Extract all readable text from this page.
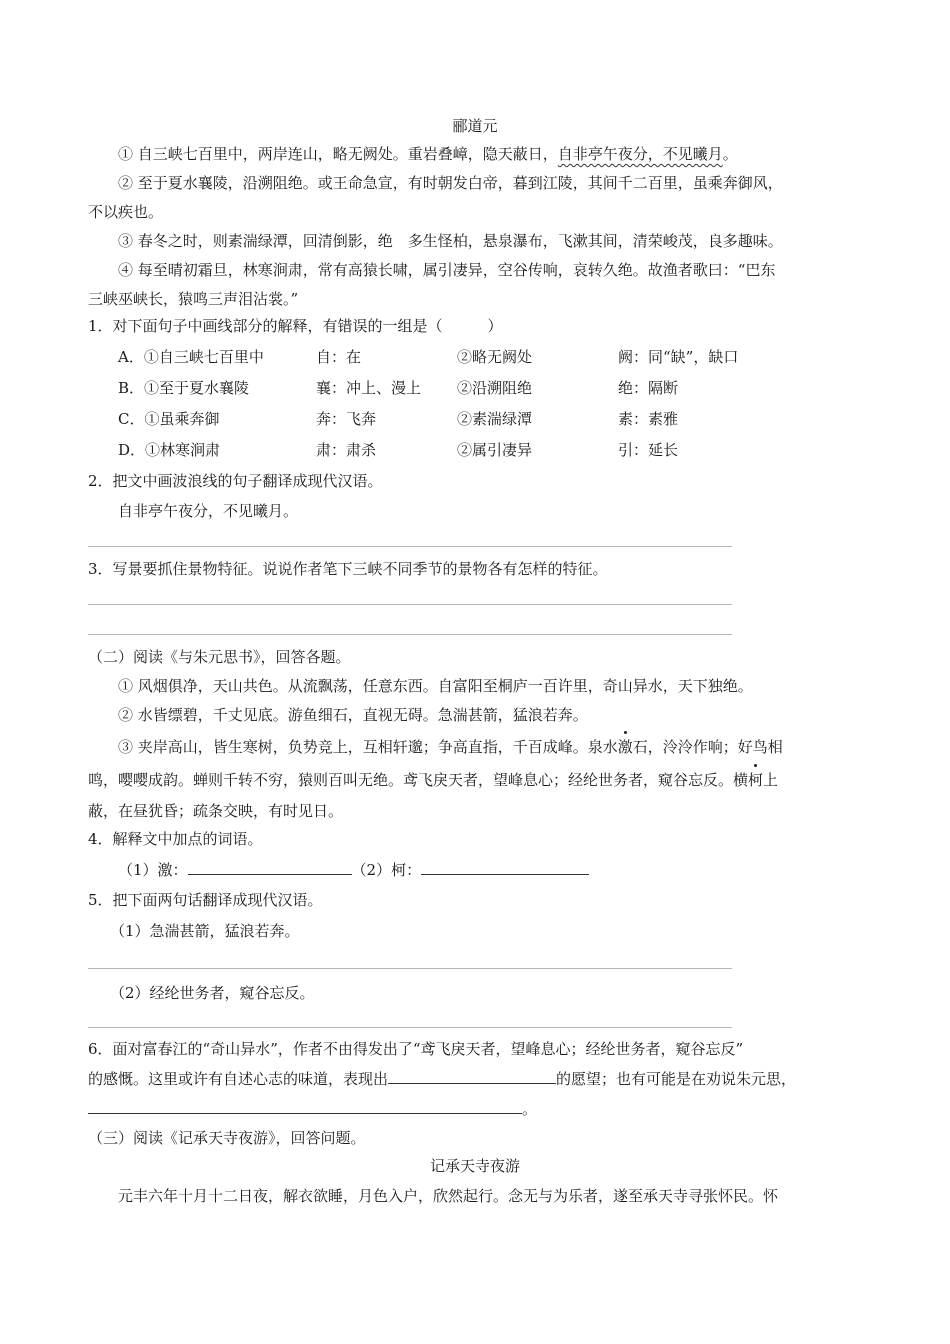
郦道元
① 自三峡七百里中，两岸连山，略无阙处。重岩叠嶂，隐天蔽日，自非亭午夜分，不见曦月。
② 至于夏水襄陵，沿溯阻绝。或王命急宣，有时朝发白帝，暮到江陵，其间千二百里，虽乘奔御风，
不以疾也。
③ 春冬之时，则素湍绿潭，回清倒影，绝　多生怪柏，悬泉瀑布，飞漱其间，清荣峻茂，良多趣味。
④ 每至晴初霜旦，林寒涧肃，常有高猿长啸，属引凄异，空谷传响，哀转久绝。故渔者歌曰：“巴东
三峡巫峡长，猿鸣三声泪沾裳。”
1．对下面句子中画线部分的解释，有错误的一组是（　　　）
A．①自三峡七百里中	自：在	②略无阙处	阙：同“缺”，缺口
B．①至于夏水襄陵	襄：冲上、漫上 ②沿溯阻绝	绝：隔断
C．①虽乘奔御	奔：飞奔	②素湍绿潭	素：素雅
D．①林寒涧肃	肃：肃杀	②属引凄异	引：延长
2．把文中画波浪线的句子翻译成现代汉语。
自非亭午夜分，不见曦月。
3．写景要抓住景物特征。说说作者笔下三峡不同季节的景物各有怎样的特征。
（二）阅读《与朱元思书》，回答各题。
① 风烟俱净，天山共色。从流飘荡，任意东西。自富阳至桐庐一百许里，奇山异水，天下独绝。
② 水皆缥碧，千丈见底。游鱼细石，直视无碍。急湍甚箭，猛浪若奔。
③ 夹岸高山，皆生寒树，负势竞上，互相轩邈；争高直指，千百成峰。泉水激石，泠泠作响；好鸟相
鸣，嘤嘤成韵。蝉则千转不穷，猿则百叫无绝。鸢飞戾天者，望峰息心；经纶世务者，窥谷忘反。横柯上
蔽，在昼犹昏；疏条交映，有时见日。
4．解释文中加点的词语。
（1）激：	（2）柯：
5．把下面两句话翻译成现代汉语。
（1）急湍甚箭，猛浪若奔。
（2）经纶世务者，窥谷忘反。
6．面对富春江的“奇山异水”，作者不由得发出了“鸢飞戾天者，望峰息心；经纶世务者，窥谷忘反”
的感慨。这里或许有自述心志的味道，表现出	的愿望；也有可能是在劝说朱元思，
。
（三）阅读《记承天寺夜游》，回答问题。
记承天寺夜游
元丰六年十月十二日夜，解衣欲睡，月色入户，欣然起行。念无与为乐者，遂至承天寺寻张怀民。怀
